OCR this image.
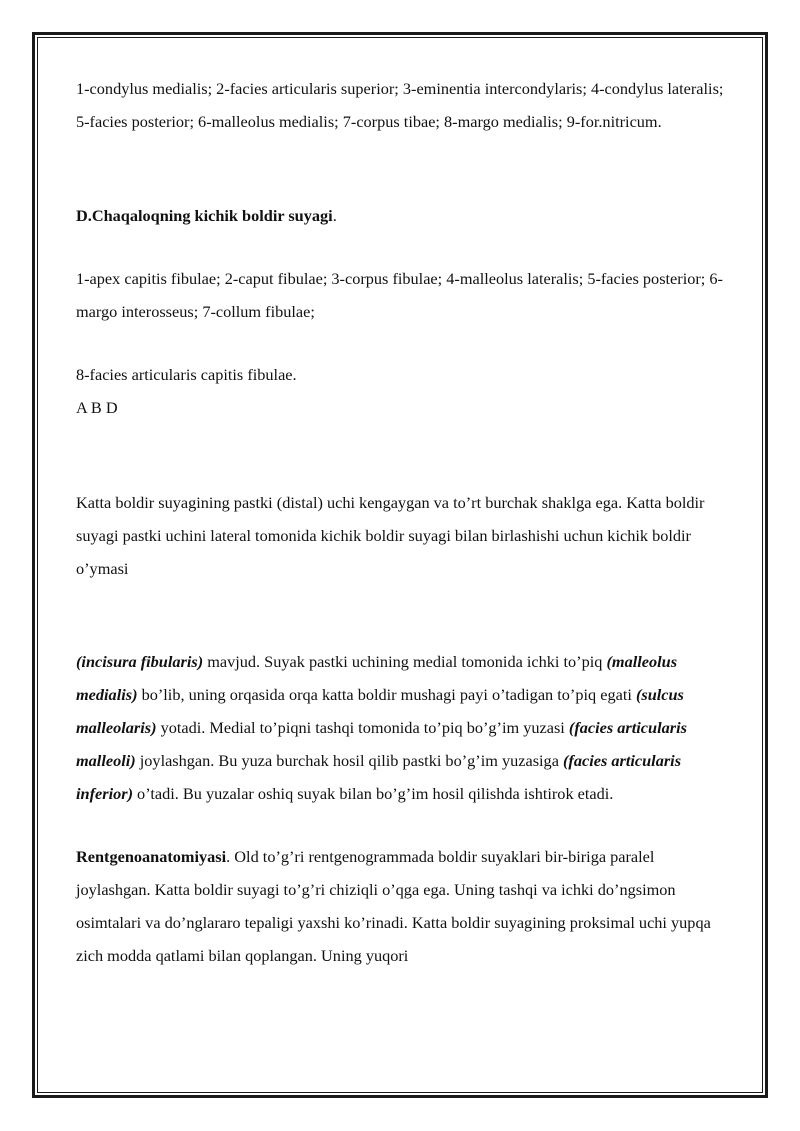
1-condylus medialis; 2-facies articularis superior; 3-eminentia intercondylaris; 4-condylus lateralis; 5-facies posterior; 6-malleolus medialis; 7-corpus tibae; 8-margo medialis; 9-for.nitricum.

D.Chaqaloqning kichik boldir suyagi.

1-apex capitis fibulae; 2-caput fibulae; 3-corpus fibulae; 4-malleolus lateralis; 5-facies posterior; 6-margo interosseus; 7-collum fibulae;

8-facies articularis capitis fibulae.

A B D

Katta boldir suyagining pastki (distal) uchi kengaygan va to’rt burchak shaklga ega. Katta boldir suyagi pastki uchini lateral tomonida kichik boldir suyagi bilan birlashishi uchun kichik boldir o’ymasi

(incisura fibularis) mavjud. Suyak pastki uchining medial tomonida ichki to’piq (malleolus medialis) bo’lib, uning orqasida orqa katta boldir mushagi payi o’tadigan to’piq egati (sulcus malleolaris) yotadi. Medial to’piqni tashqi tomonida to’piq bo’g’im yuzasi (facies articularis malleoli) joylashgan. Bu yuza burchak hosil qilib pastki bo’g’im yuzasiga (facies articularis inferior) o’tadi. Bu yuzalar oshiq suyak bilan bo’g’im hosil qilishda ishtirok etadi.

Rentgenoanatomiyasi. Old to’g’ri rentgenogrammada boldir suyaklari bir-biriga paralel joylashgan. Katta boldir suyagi to’g’ri chiziqli o’qga ega. Uning tashqi va ichki do’ngsimon osimtalari va do’nglararo tepaligi yaxshi ko’rinadi. Katta boldir suyagining proksimal uchi yupqa zich modda qatlami bilan qoplangan. Uning yuqori
